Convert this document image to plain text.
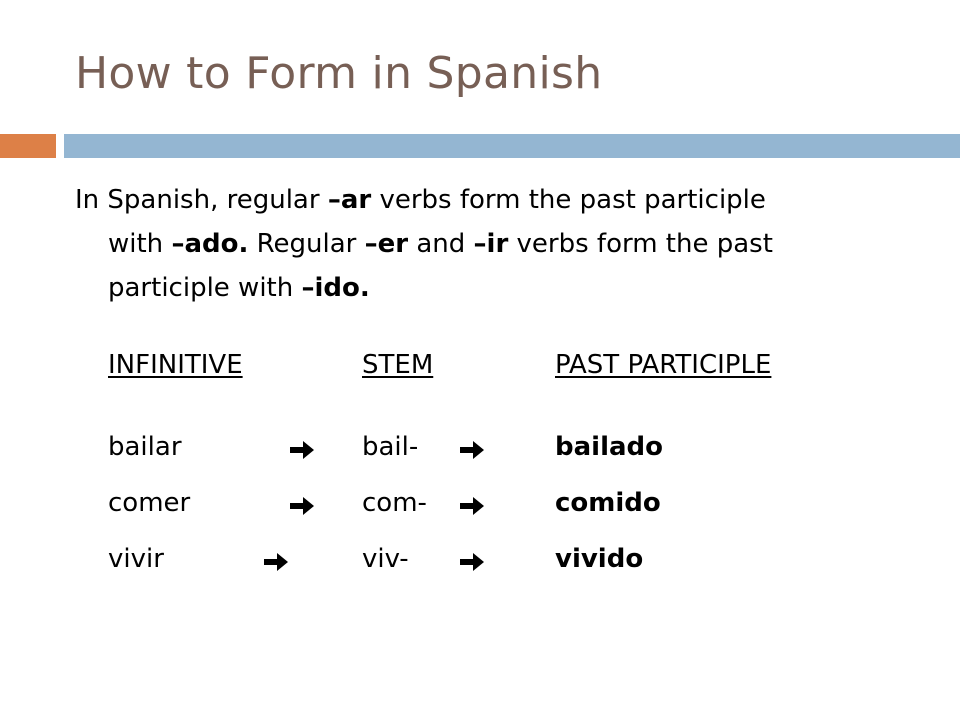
How to Form in Spanish
In Spanish, regular –ar verbs form the past participle
with –ado. Regular –er and –ir verbs form the past
participle with –ido.
INFINITIVE	STEM	PAST PARTICIPLE
bailar	bail-	bailado
comer	com-	comido
vivir	viv-	vivido
